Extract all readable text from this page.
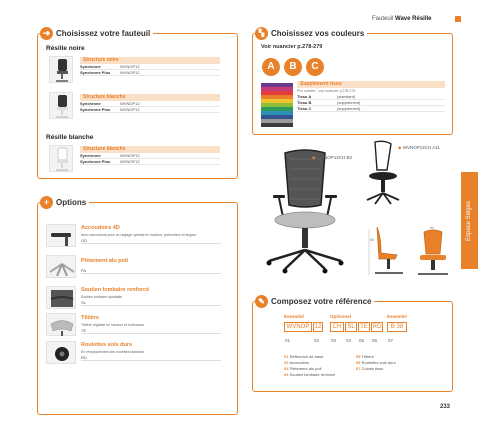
Fauteuil Wave Résille
➜ Choisissez votre fauteuil
Résille noire
Structure noire
Synchrone	WVNOP12
Synchrone Plus	WVNOP12
Structure blanche
Synchrone	WVNOP12
Synchrone Plus	WVNOP12
Résille blanche
Structure blanche
Synchrone	WVNOP12
Synchrone Plus	WVNOP12
▚ Choisissez vos couleurs
Voir nuancier p.278-279
A	B	C
Supplément tissu
Prix unitaire - voir nuancier p.278-279
Tissu A	(standard)
Tissu B	(supplément)
Tissu C	(supplément)
◆ WVNOP12CH B2
◆ WVNOP12CH A11
56
64	Espace Sièges
+ Options
Accoudoirs 4D
Avec accoudoirs pour un réglage optimal en hauteur, profondeur et largeur
OD
Piètement alu poli
PA
Soutien lombaire renforcé
Soutien lombaire ajustable
SL
Têtière
Têtière réglable en hauteur et inclinaison
TE
Roulettes sols durs
En remplacement des roulettes standard
RD
✎ Composez votre référence
Essentiel	Optionnel	Essentiel
WVNOP 12	CH	SL TE RD	B 38
01	02	03 04 05 06 07
01 Référence de base
02 Accoudoirs
03 Piètement alu poli
04 Soutien lombaire renforcé
05 Têtière
06 Roulettes sols durs
07 Coloris tissu
233
